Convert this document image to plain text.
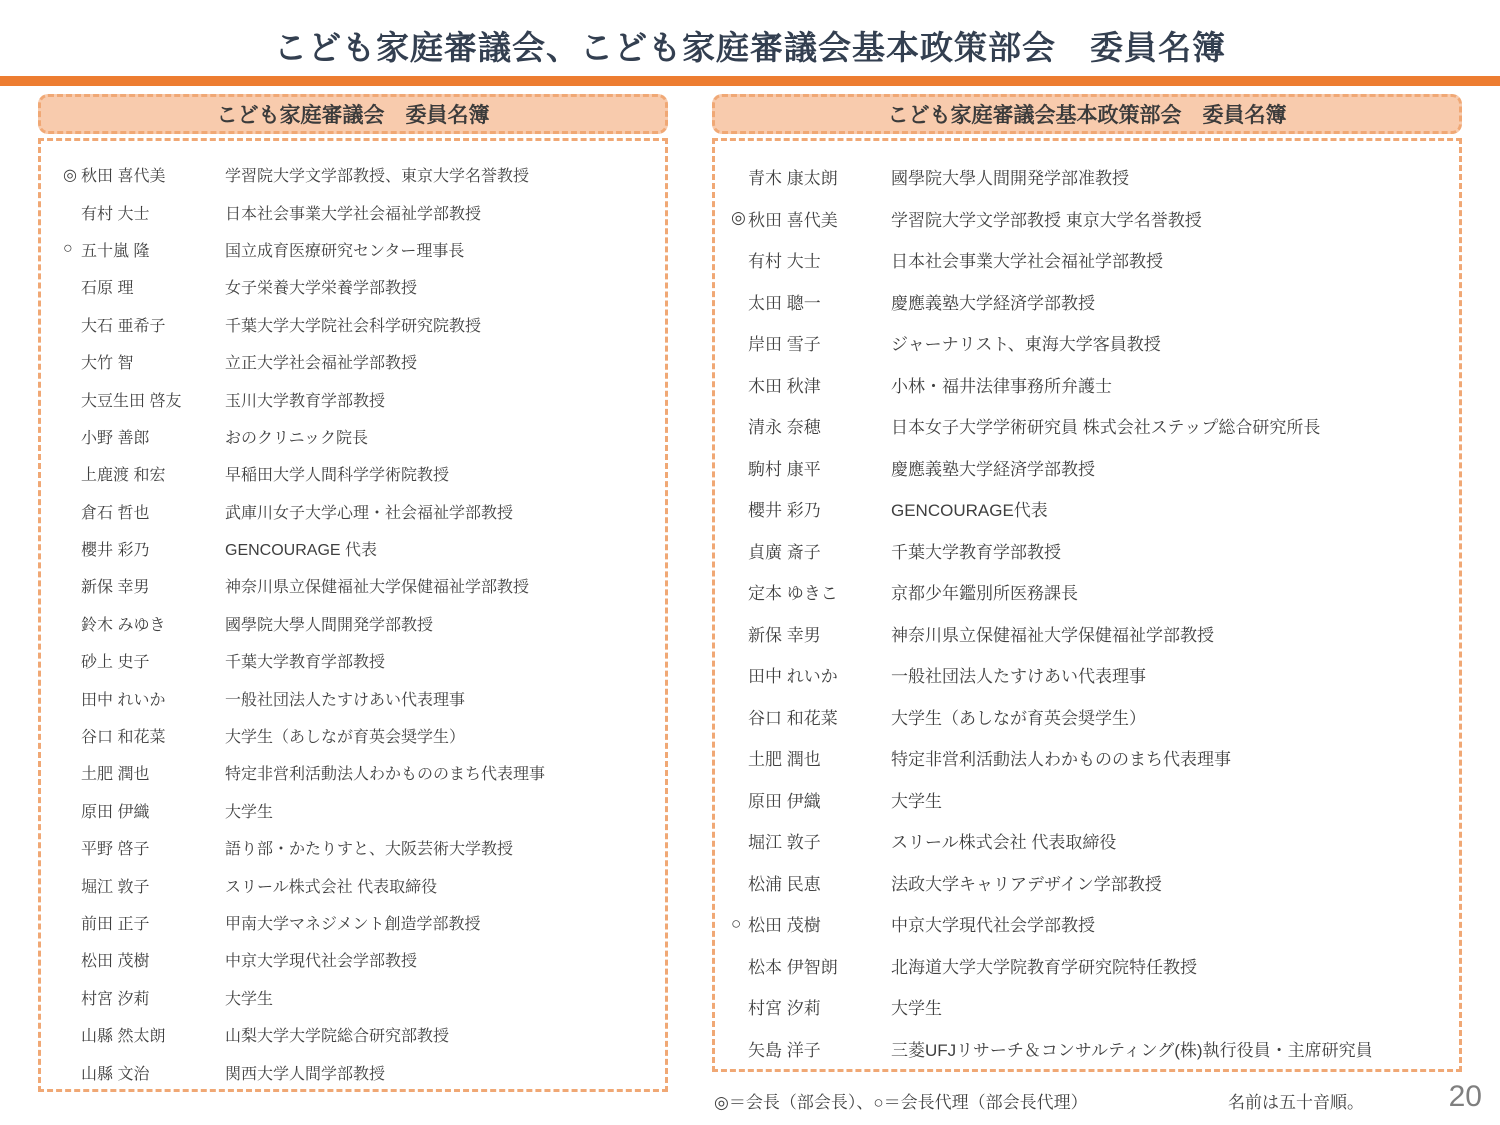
こども家庭審議会、こども家庭審議会基本政策部会　委員名簿
こども家庭審議会　委員名簿
◎ 秋田 喜代美	学習院大学文学部教授、東京大学名誉教授
有村 大士	日本社会事業大学社会福祉学部教授
○ 五十嵐 隆	国立成育医療研究センター理事長
石原 理	女子栄養大学栄養学部教授
大石 亜希子	千葉大学大学院社会科学研究院教授
大竹 智	立正大学社会福祉学部教授
大豆生田 啓友	玉川大学教育学部教授
小野 善郎	おのクリニック院長
上鹿渡 和宏	早稲田大学人間科学学術院教授
倉石 哲也	武庫川女子大学心理・社会福祉学部教授
櫻井 彩乃	GENCOURAGE 代表
新保 幸男	神奈川県立保健福祉大学保健福祉学部教授
鈴木 みゆき	國學院大學人間開発学部教授
砂上 史子	千葉大学教育学部教授
田中 れいか	一般社団法人たすけあい代表理事
谷口 和花菜	大学生（あしなが育英会奨学生）
土肥 潤也	特定非営利活動法人わかもののまち代表理事
原田 伊織	大学生
平野 啓子	語り部・かたりすと、大阪芸術大学教授
堀江 敦子	スリール株式会社 代表取締役
前田 正子	甲南大学マネジメント創造学部教授
松田 茂樹	中京大学現代社会学部教授
村宮 汐莉	大学生
山縣 然太朗	山梨大学大学院総合研究部教授
山縣 文治	関西大学人間学部教授
こども家庭審議会基本政策部会　委員名簿
青木 康太朗	國學院大學人間開発学部准教授
◎ 秋田 喜代美	学習院大学文学部教授 東京大学名誉教授
有村 大士	日本社会事業大学社会福祉学部教授
太田 聰一	慶應義塾大学経済学部教授
岸田 雪子	ジャーナリスト、東海大学客員教授
木田 秋津	小林・福井法律事務所弁護士
清永 奈穂	日本女子大学学術研究員 株式会社ステップ総合研究所長
駒村 康平	慶應義塾大学経済学部教授
櫻井 彩乃	GENCOURAGE代表
貞廣 斎子	千葉大学教育学部教授
定本 ゆきこ	京都少年鑑別所医務課長
新保 幸男	神奈川県立保健福祉大学保健福祉学部教授
田中 れいか	一般社団法人たすけあい代表理事
谷口 和花菜	大学生（あしなが育英会奨学生）
土肥 潤也	特定非営利活動法人わかもののまち代表理事
原田 伊織	大学生
堀江 敦子	スリール株式会社 代表取締役
松浦 民恵	法政大学キャリアデザイン学部教授
○ 松田 茂樹	中京大学現代社会学部教授
松本 伊智朗	北海道大学大学院教育学研究院特任教授
村宮 汐莉	大学生
矢島 洋子	三菱UFJリサーチ＆コンサルティング(株)執行役員・主席研究員
◎＝会長（部会長）、○＝会長代理（部会長代理）	名前は五十音順。	20
